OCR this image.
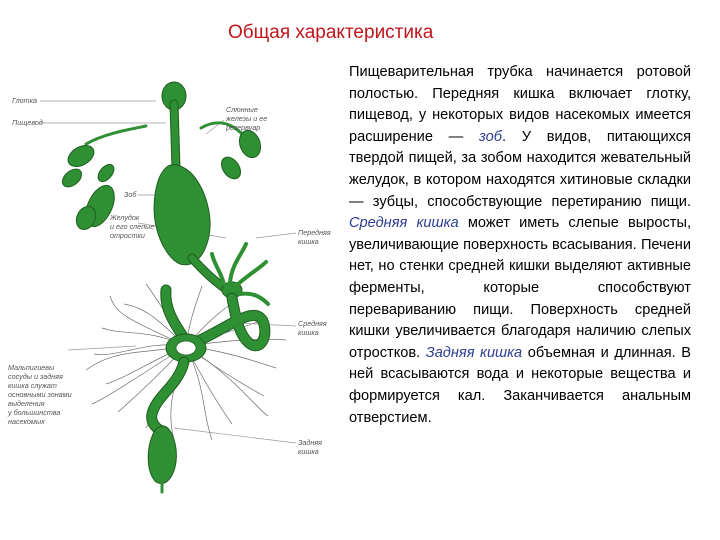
Общая характеристика
Глотка
Пищевод
Слюнные
железы и ее
резервуар
Зоб
Желудок
и его слепые
отростки	Передняя
кишка
Средняя
кишка
Мальпигиевы
сосуды и задняя
кишка служат
основными зонами
выделения
у большинства
насекомых
Задняя
кишка
Пищеварительная трубка начинается ротовой полостью. Передняя кишка включает глотку, пищевод, у некоторых видов насекомых имеется расширение — зоб. У видов, питающихся твердой пищей, за зобом находится жевательный желудок, в котором находятся хитиновые складки — зубцы, способствующие перетиранию пищи. Средняя кишка может иметь слепые выросты, увеличивающие поверхность всасывания. Печени нет, но стенки средней кишки выделяют активные ферменты, которые способствуют перевариванию пищи. Поверхность средней кишки увеличивается благодаря наличию слепых отростков. Задняя кишка объемная и длинная. В ней всасываются вода и некоторые вещества и формируется кал. Заканчивается анальным отверстием.
